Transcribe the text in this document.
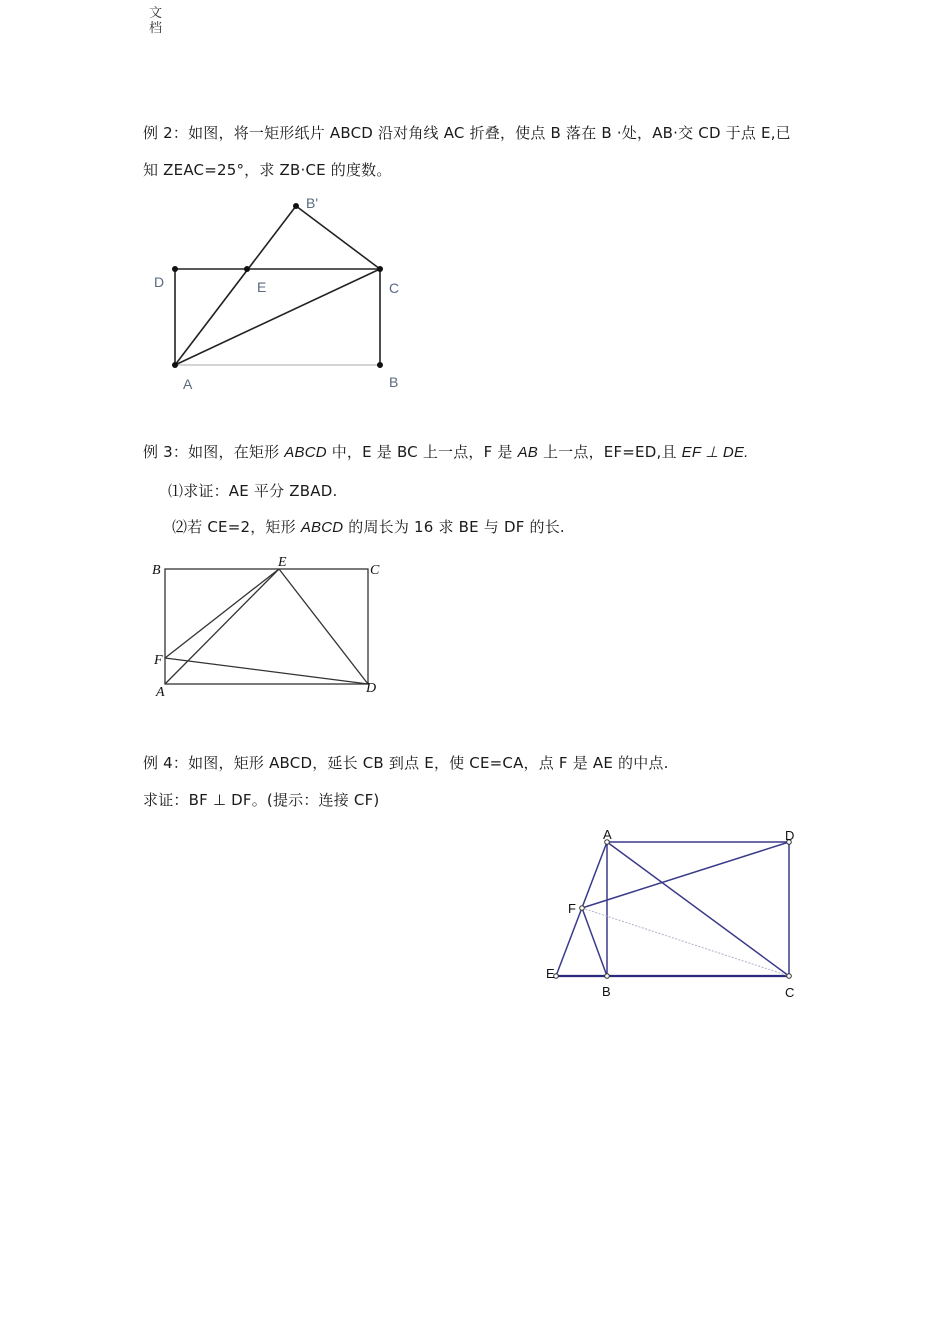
文
档
例 2：如图，将一矩形纸片 ABCD 沿对角线 AC 折叠，使点 B 落在 B ·处，AB·交 CD 于点 E,已
知 ZEAC=25°，求 ZB·CE 的度数。
B'
D	E	C
A	B
例 3：如图，在矩形 ABCD 中，E 是 BC 上一点，F 是 AB 上一点，EF=ED,且 EF ⊥ DE.
⑴求证：AE 平分 ZBAD.
⑵若 CE=2，矩形 ABCD 的周长为 16 求 BE 与 DF 的长.
B
E
C
F
A	D
例 4：如图，矩形 ABCD，延长 CB 到点 E，使 CE=CA，点 F 是 AE 的中点.
求证：BF ⊥ DF。(提示：连接 CF)
A	D
F
E
B	C
